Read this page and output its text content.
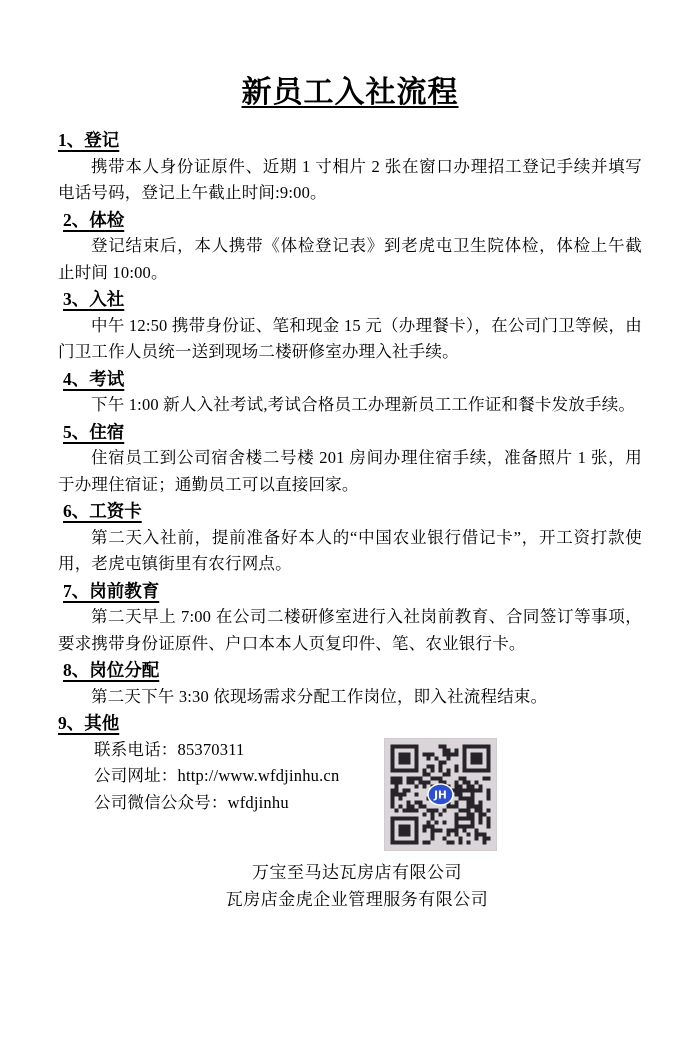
新员工入社流程
1、登记

携带本人身份证原件、近期 1 寸相片 2 张在窗口办理招工登记手续并填写电话号码，登记上午截止时间:9:00。

2、体检

登记结束后，本人携带《体检登记表》到老虎屯卫生院体检，体检上午截止时间 10:00。

3、入社

中午 12:50 携带身份证、笔和现金 15 元（办理餐卡），在公司门卫等候，由门卫工作人员统一送到现场二楼研修室办理入社手续。

4、考试

下午 1:00 新人入社考试,考试合格员工办理新员工工作证和餐卡发放手续。

5、住宿

住宿员工到公司宿舍楼二号楼 201 房间办理住宿手续，准备照片 1 张，用于办理住宿证；通勤员工可以直接回家。

6、工资卡

第二天入社前，提前准备好本人的“中国农业银行借记卡”，开工资打款使用，老虎屯镇街里有农行网点。

7、岗前教育

第二天早上 7:00 在公司二楼研修室进行入社岗前教育、合同签订等事项，要求携带身份证原件、户口本本人页复印件、笔、农业银行卡。

8、岗位分配

第二天下午 3:30 依现场需求分配工作岗位，即入社流程结束。

9、其他

联系电话：85370311

公司网址：http://www.wfdjinhu.cn

公司微信公众号：wfdjinhu	JH

万宝至马达瓦房店有限公司

瓦房店金虎企业管理服务有限公司
